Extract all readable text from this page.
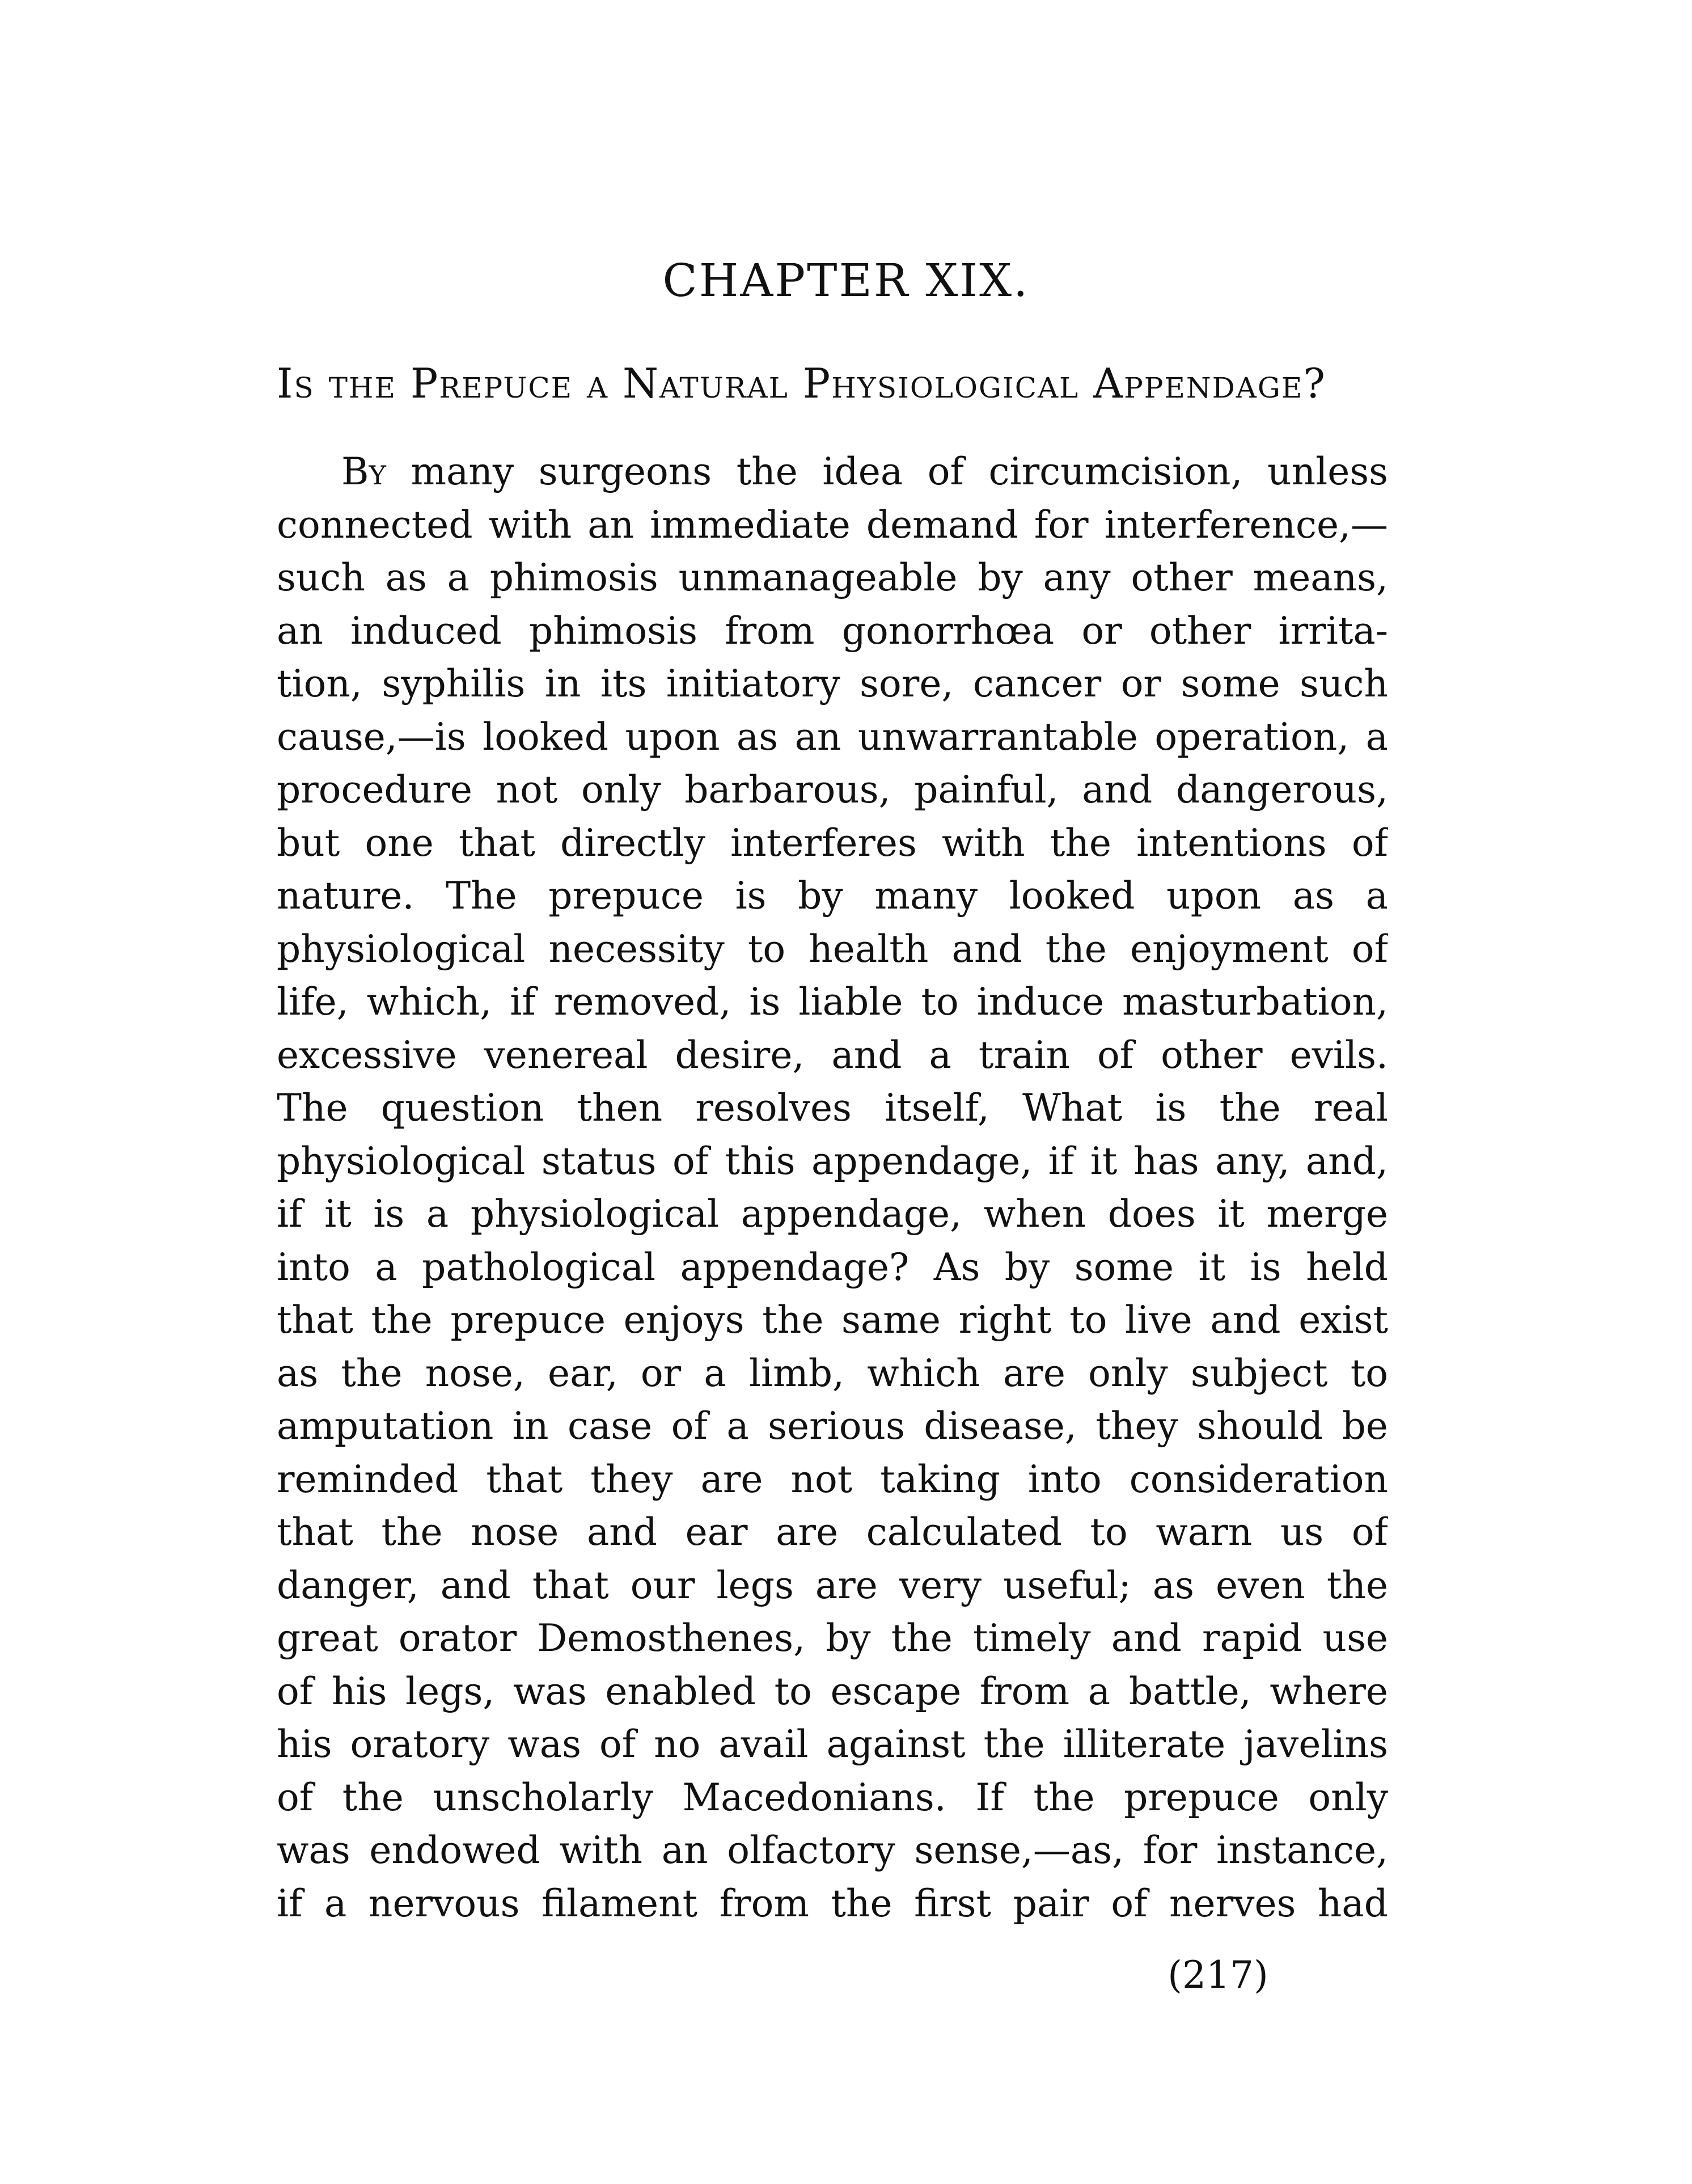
CHAPTER XIX.
Is the Prepuce a Natural Physiological Appendage?
By many surgeons the idea of circumcision, unless
connected with an immediate demand for interference,—
such as a phimosis unmanageable by any other means,
an induced phimosis from gonorrhœa or other irrita-
tion, syphilis in its initiatory sore, cancer or some such
cause,—is looked upon as an unwarrantable operation, a
procedure not only barbarous, painful, and dangerous,
but one that directly interferes with the intentions of
nature. The prepuce is by many looked upon as a
physiological necessity to health and the enjoyment of
life, which, if removed, is liable to induce masturbation,
excessive venereal desire, and a train of other evils.
The question then resolves itself, What is the real
physiological status of this appendage, if it has any, and,
if it is a physiological appendage, when does it merge
into a pathological appendage? As by some it is held
that the prepuce enjoys the same right to live and exist
as the nose, ear, or a limb, which are only subject to
amputation in case of a serious disease, they should be
reminded that they are not taking into consideration
that the nose and ear are calculated to warn us of
danger, and that our legs are very useful; as even the
great orator Demosthenes, by the timely and rapid use
of his legs, was enabled to escape from a battle, where
his oratory was of no avail against the illiterate javelins
of the unscholarly Macedonians. If the prepuce only
was endowed with an olfactory sense,—as, for instance,
if a nervous filament from the first pair of nerves had
(217)
